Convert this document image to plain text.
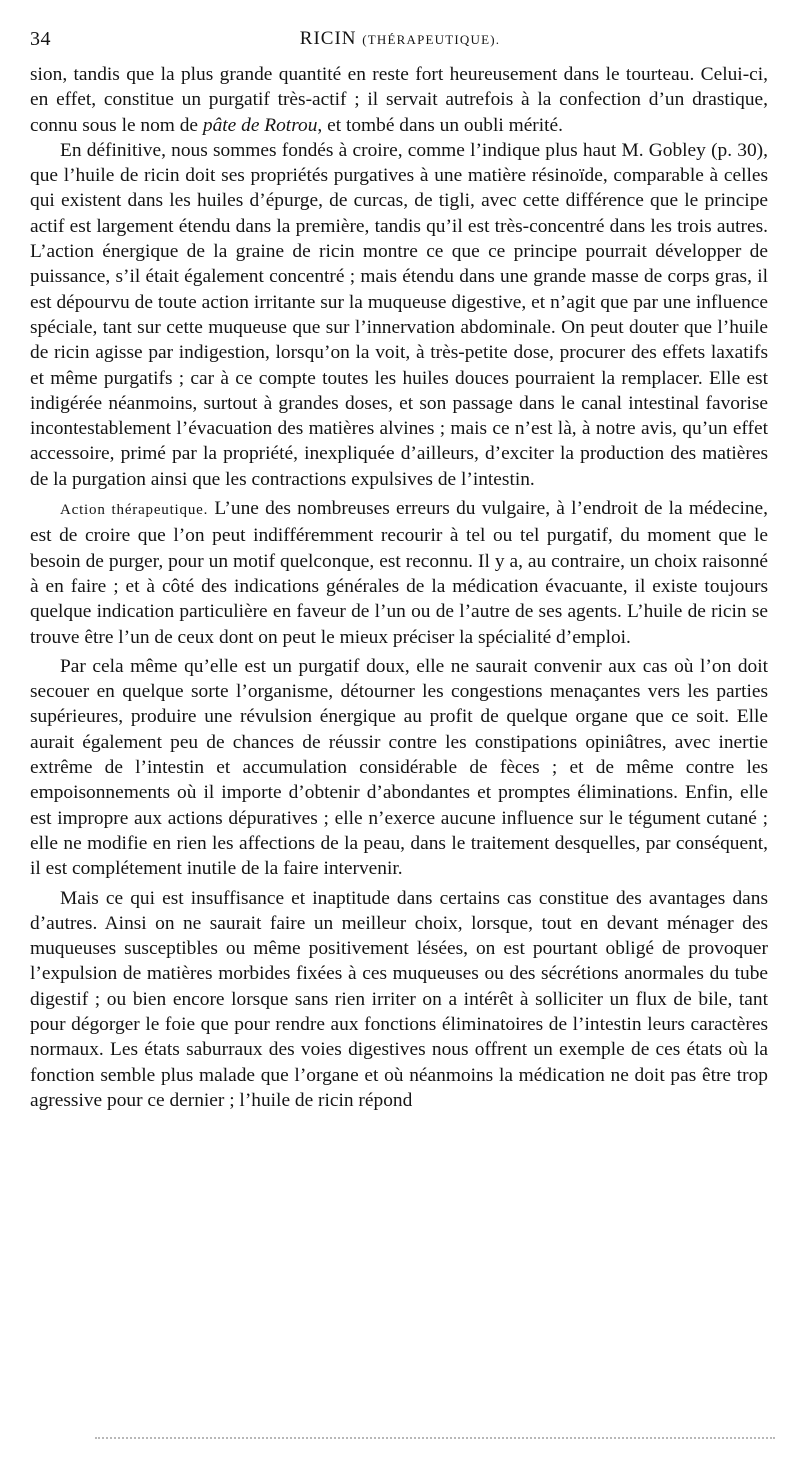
34	RICIN (THÉRAPEUTIQUE).

sion, tandis que la plus grande quantité en reste fort heureusement dans le tourteau. Celui-ci, en effet, constitue un purgatif très-actif ; il servait autrefois à la confection d’un drastique, connu sous le nom de pâte de Rotrou, et tombé dans un oubli mérité.

En définitive, nous sommes fondés à croire, comme l’indique plus haut M. Gobley (p. 30), que l’huile de ricin doit ses propriétés purgatives à une matière résinoïde, comparable à celles qui existent dans les huiles d’épurge, de curcas, de tigli, avec cette différence que le principe actif est largement étendu dans la première, tandis qu’il est très-concentré dans les trois autres. L’action énergique de la graine de ricin montre ce que ce principe pourrait développer de puissance, s’il était également concentré ; mais étendu dans une grande masse de corps gras, il est dépourvu de toute action irritante sur la muqueuse digestive, et n’agit que par une influence spéciale, tant sur cette muqueuse que sur l’innervation abdominale. On peut douter que l’huile de ricin agisse par indigestion, lorsqu’on la voit, à très-petite dose, procurer des effets laxatifs et même purgatifs ; car à ce compte toutes les huiles douces pourraient la remplacer. Elle est indigérée néanmoins, surtout à grandes doses, et son passage dans le canal intestinal favorise incontestablement l’évacuation des matières alvines ; mais ce n’est là, à notre avis, qu’un effet accessoire, primé par la propriété, inexpliquée d’ailleurs, d’exciter la production des matières de la purgation ainsi que les contractions expulsives de l’intestin.

Action thérapeutique. L’une des nombreuses erreurs du vulgaire, à l’endroit de la médecine, est de croire que l’on peut indifféremment recourir à tel ou tel purgatif, du moment que le besoin de purger, pour un motif quelconque, est reconnu. Il y a, au contraire, un choix raisonné à en faire ; et à côté des indications générales de la médication évacuante, il existe toujours quelque indication particulière en faveur de l’un ou de l’autre de ses agents. L’huile de ricin se trouve être l’un de ceux dont on peut le mieux préciser la spécialité d’emploi.

Par cela même qu’elle est un purgatif doux, elle ne saurait convenir aux cas où l’on doit secouer en quelque sorte l’organisme, détourner les congestions menaçantes vers les parties supérieures, produire une révulsion énergique au profit de quelque organe que ce soit. Elle aurait également peu de chances de réussir contre les constipations opiniâtres, avec inertie extrême de l’intestin et accumulation considérable de fèces ; et de même contre les empoisonnements où il importe d’obtenir d’abondantes et promptes éliminations. Enfin, elle est impropre aux actions dépuratives ; elle n’exerce aucune influence sur le tégument cutané ; elle ne modifie en rien les affections de la peau, dans le traitement desquelles, par conséquent, il est complétement inutile de la faire intervenir.

Mais ce qui est insuffisance et inaptitude dans certains cas constitue des avantages dans d’autres. Ainsi on ne saurait faire un meilleur choix, lorsque, tout en devant ménager des muqueuses susceptibles ou même positivement lésées, on est pourtant obligé de provoquer l’expulsion de matières morbides fixées à ces muqueuses ou des sécrétions anormales du tube digestif ; ou bien encore lorsque sans rien irriter on a intérêt à solliciter un flux de bile, tant pour dégorger le foie que pour rendre aux fonctions éliminatoires de l’intestin leurs caractères normaux. Les états saburraux des voies digestives nous offrent un exemple de ces états où la fonction semble plus malade que l’organe et où néanmoins la médication ne doit pas être trop agressive pour ce dernier ; l’huile de ricin répond
